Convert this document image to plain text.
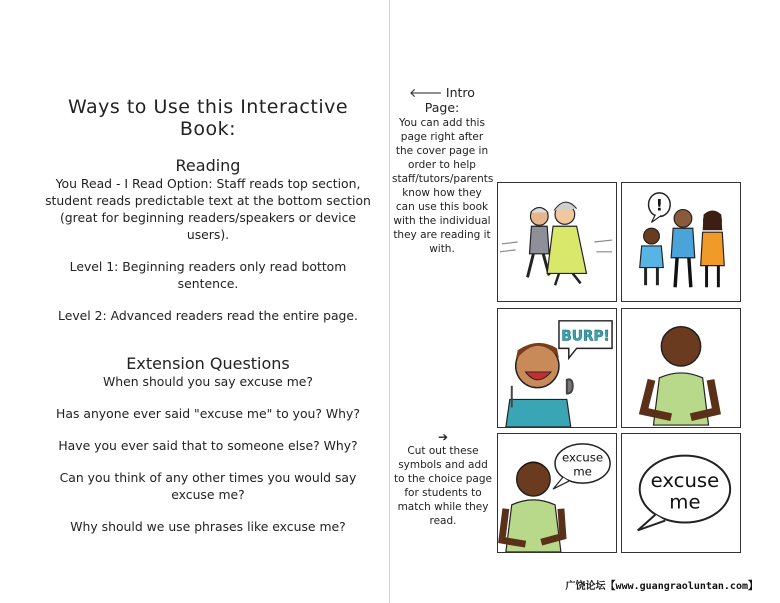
Ways to Use this Interactive Book:
Reading

You Read - I Read Option: Staff reads top section, student reads predictable text at the bottom section (great for beginning readers/speakers or device users).

Level 1: Beginning readers only read bottom sentence.

Level 2: Advanced readers read the entire page.

Extension Questions

When should you say excuse me?

Has anyone ever said "excuse me" to you? Why?

Have you ever said that to someone else? Why?

Can you think of any other times you would say excuse me?

Why should we use phrases like excuse me?

🡐 Intro Page:
You can add this page right after the cover page in order to help staff/tutors/parents know how they can use this book with the individual they are reading it with.
➔
Cut out these symbols and add to the choice page for students to match while they read.
!
BURP!
excuse
me	excuse
me
广饶论坛【www.guangraoluntan.com】
